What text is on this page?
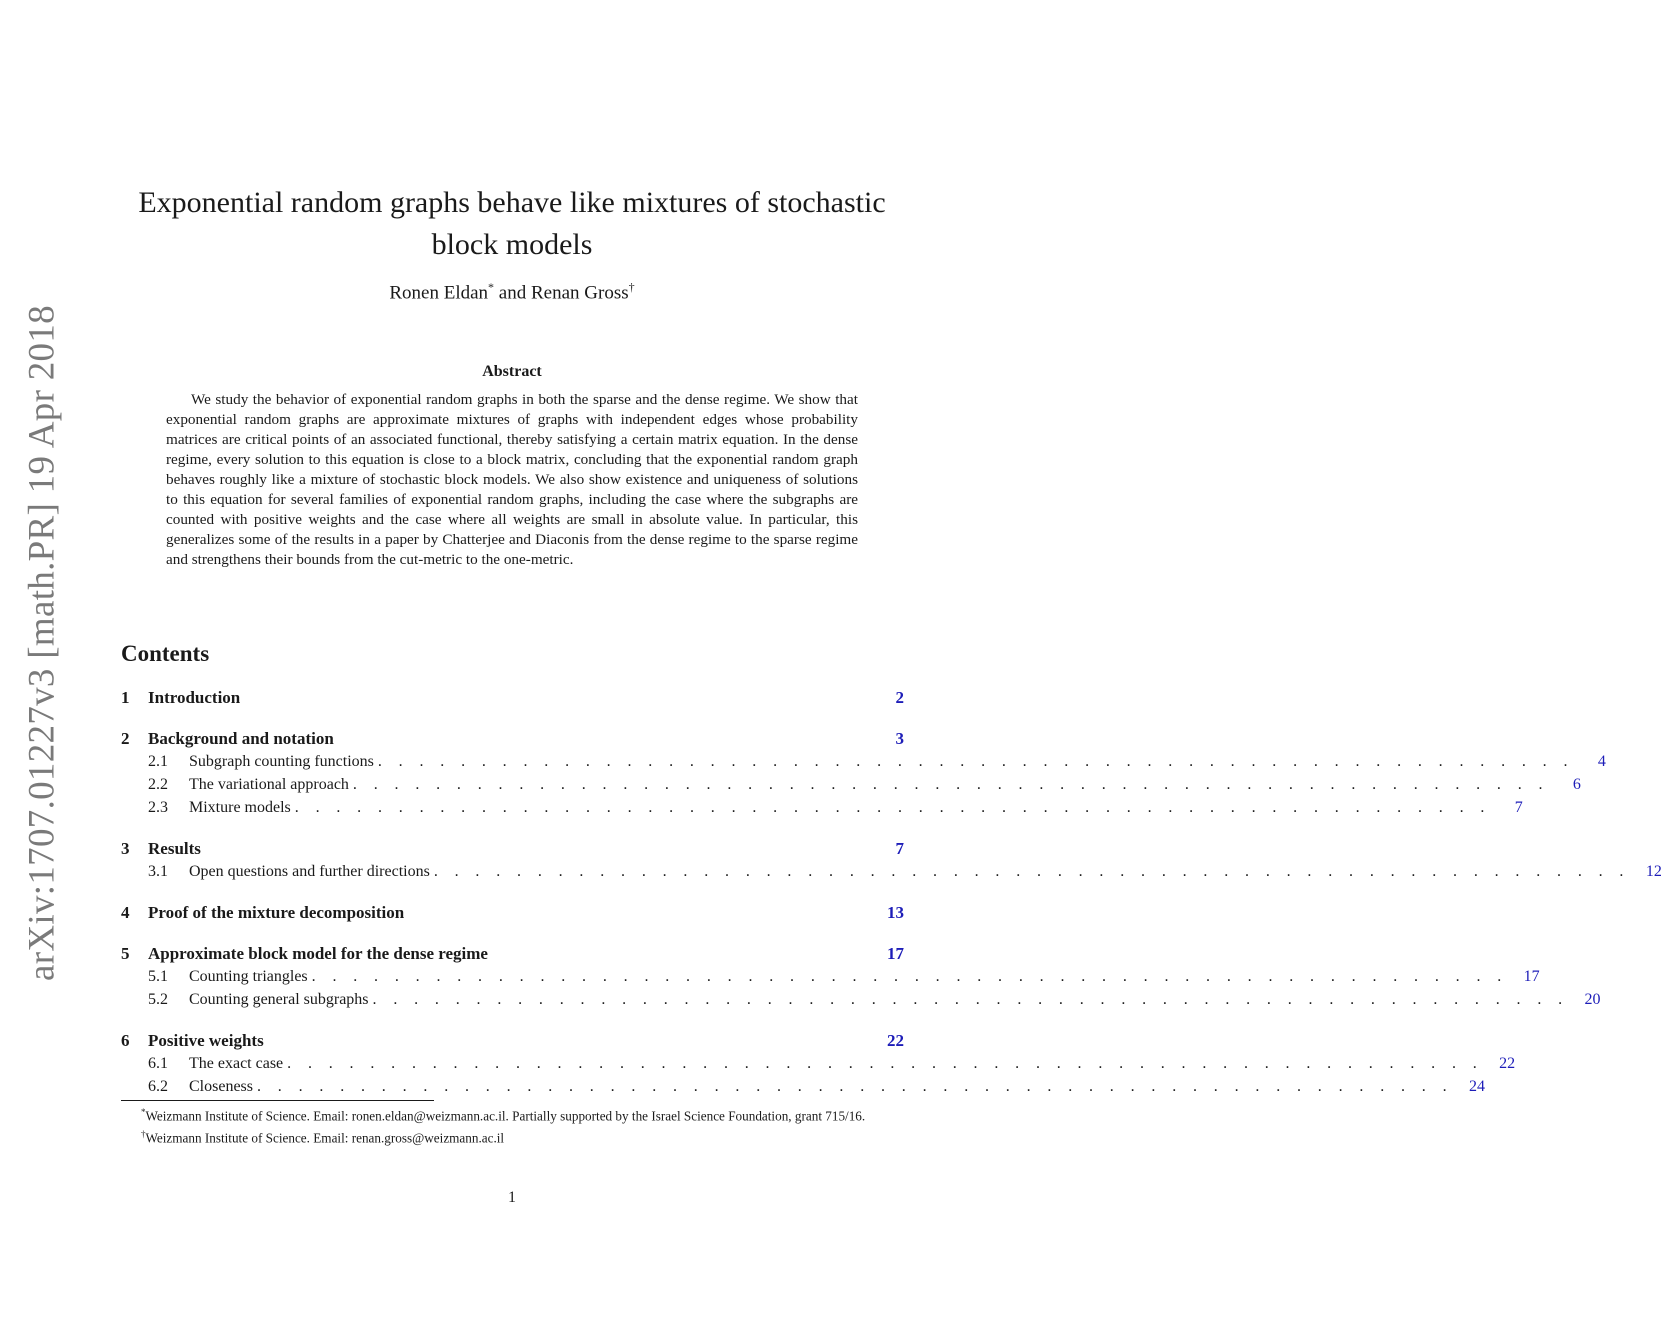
arXiv:1707.01227v3 [math.PR] 19 Apr 2018
Exponential random graphs behave like mixtures of stochastic
block models
Ronen Eldan* and Renan Gross†
Abstract
We study the behavior of exponential random graphs in both the sparse and the dense regime. We show that exponential random graphs are approximate mixtures of graphs with independent edges whose probability matrices are critical points of an associated functional, thereby satisfying a certain matrix equation. In the dense regime, every solution to this equation is close to a block matrix, concluding that the exponential random graph behaves roughly like a mixture of stochastic block models. We also show existence and uniqueness of solutions to this equation for several families of exponential random graphs, including the case where the subgraphs are counted with positive weights and the case where all weights are small in absolute value. In particular, this generalizes some of the results in a paper by Chatterjee and Diaconis from the dense regime to the sparse regime and strengthens their bounds from the cut-metric to the one-metric.
Contents
1	Introduction	2
2	Background and notation	3
2.1	Subgraph counting functions . . . . . . . . . . . . . . . . . . . . . . . . . . . . . . . . . . . . . . . . . . . . . . . . . . . . . . . . . .	4
2.2	The variational approach . . . . . . . . . . . . . . . . . . . . . . . . . . . . . . . . . . . . . . . . . . . . . . . . . . . . . . . . . .	6
2.3	Mixture models . . . . . . . . . . . . . . . . . . . . . . . . . . . . . . . . . . . . . . . . . . . . . . . . . . . . . . . . . .	7
3	Results	7
3.1	Open questions and further directions . . . . . . . . . . . . . . . . . . . . . . . . . . . . . . . . . . . . . . . . . . . . . . . . . . . . . . . . . .	12
4	Proof of the mixture decomposition	13
5	Approximate block model for the dense regime	17
5.1	Counting triangles . . . . . . . . . . . . . . . . . . . . . . . . . . . . . . . . . . . . . . . . . . . . . . . . . . . . . . . . . .	17
5.2	Counting general subgraphs . . . . . . . . . . . . . . . . . . . . . . . . . . . . . . . . . . . . . . . . . . . . . . . . . . . . . . . . . .	20
6	Positive weights	22
6.1	The exact case . . . . . . . . . . . . . . . . . . . . . . . . . . . . . . . . . . . . . . . . . . . . . . . . . . . . . . . . . .	22
6.2	Closeness . . . . . . . . . . . . . . . . . . . . . . . . . . . . . . . . . . . . . . . . . . . . . . . . . . . . . . . . . .	24
*Weizmann Institute of Science. Email: ronen.eldan@weizmann.ac.il. Partially supported by the Israel Science Foundation, grant 715/16.
†Weizmann Institute of Science. Email: renan.gross@weizmann.ac.il
1
